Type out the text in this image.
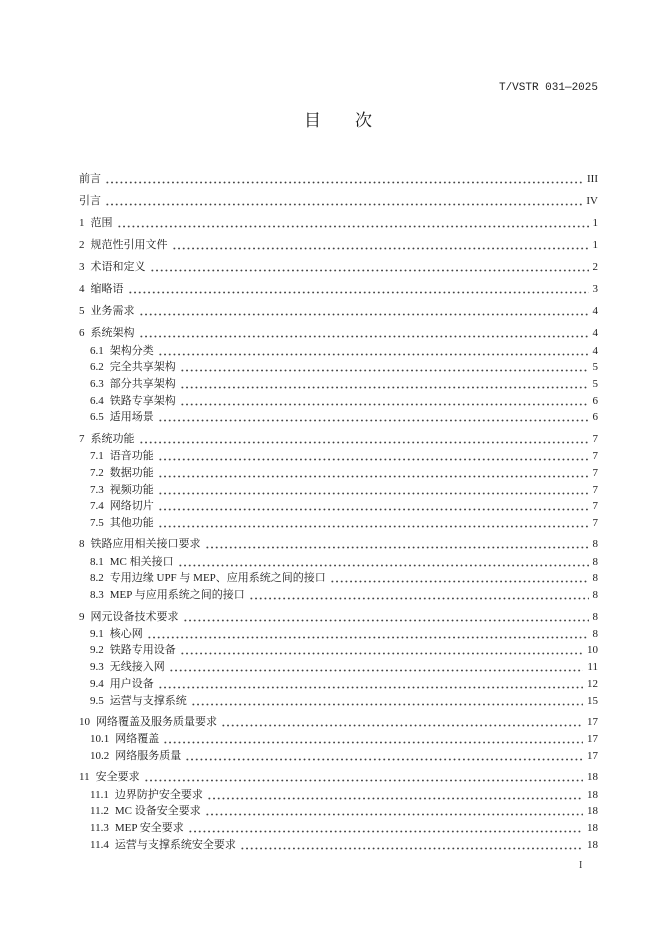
T/VSTR 031—2025
目　　次
前言	III
引言	IV
1 范围	1
2 规范性引用文件	1
3 术语和定义	2
4 缩略语	3
5 业务需求	4
6 系统架构	4
6.1 架构分类	4
6.2 完全共享架构	5
6.3 部分共享架构	5
6.4 铁路专享架构	6
6.5 适用场景	6
7 系统功能	7
7.1 语音功能	7
7.2 数据功能	7
7.3 视频功能	7
7.4 网络切片	7
7.5 其他功能	7
8 铁路应用相关接口要求	8
8.1 MC 相关接口	8
8.2 专用边缘 UPF 与 MEP、应用系统之间的接口	8
8.3 MEP 与应用系统之间的接口	8
9 网元设备技术要求	8
9.1 核心网	8
9.2 铁路专用设备	10
9.3 无线接入网	11
9.4 用户设备	12
9.5 运营与支撑系统	15
10 网络覆盖及服务质量要求	17
10.1 网络覆盖	17
10.2 网络服务质量	17
11 安全要求	18
11.1 边界防护安全要求	18
11.2 MC 设备安全要求	18
11.3 MEP 安全要求	18
11.4 运营与支撑系统安全要求	18
I
